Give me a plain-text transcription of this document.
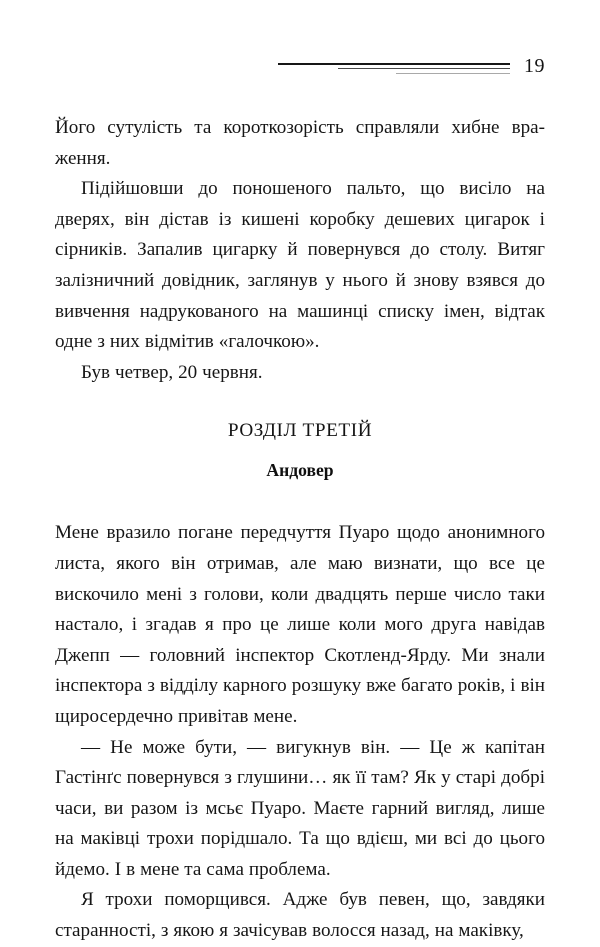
19

Його сутулість та короткозорість справляли хибне враження.

Підійшовши до поношеного пальто, що висіло на дверях, він дістав із кишені коробку дешевих цигарок і сірників. Запалив цигарку й повернувся до столу. Витяг залізничний довідник, заглянув у нього й знову взявся до вивчення надрукованого на машинці списку імен, відтак одне з них відмітив «галочкою».

Був четвер, 20 червня.

РОЗДІЛ ТРЕТІЙ

Андовер

Мене вразило погане передчуття Пуаро щодо анонимного листа, якого він отримав, але маю визнати, що все це вискочило мені з голови, коли двадцять перше число таки настало, і згадав я про це лише коли мого друга навідав Джепп — головний інспектор Скотленд-Ярду. Ми знали інспектора з відділу карного розшуку вже багато років, і він щиросердечно привітав мене.

— Не може бути, — вигукнув він. — Це ж капітан Гастінґс повернувся з глушини… як її там? Як у старі добрі часи, ви разом із мсьє Пуаро. Маєте гарний вигляд, лише на маківці трохи порідшало. Та що вдієш, ми всі до цього йдемо. І в мене та сама проблема.

Я трохи поморщився. Адже був певен, що, завдяки старанності, з якою я зачісував волосся назад, на маківку,
